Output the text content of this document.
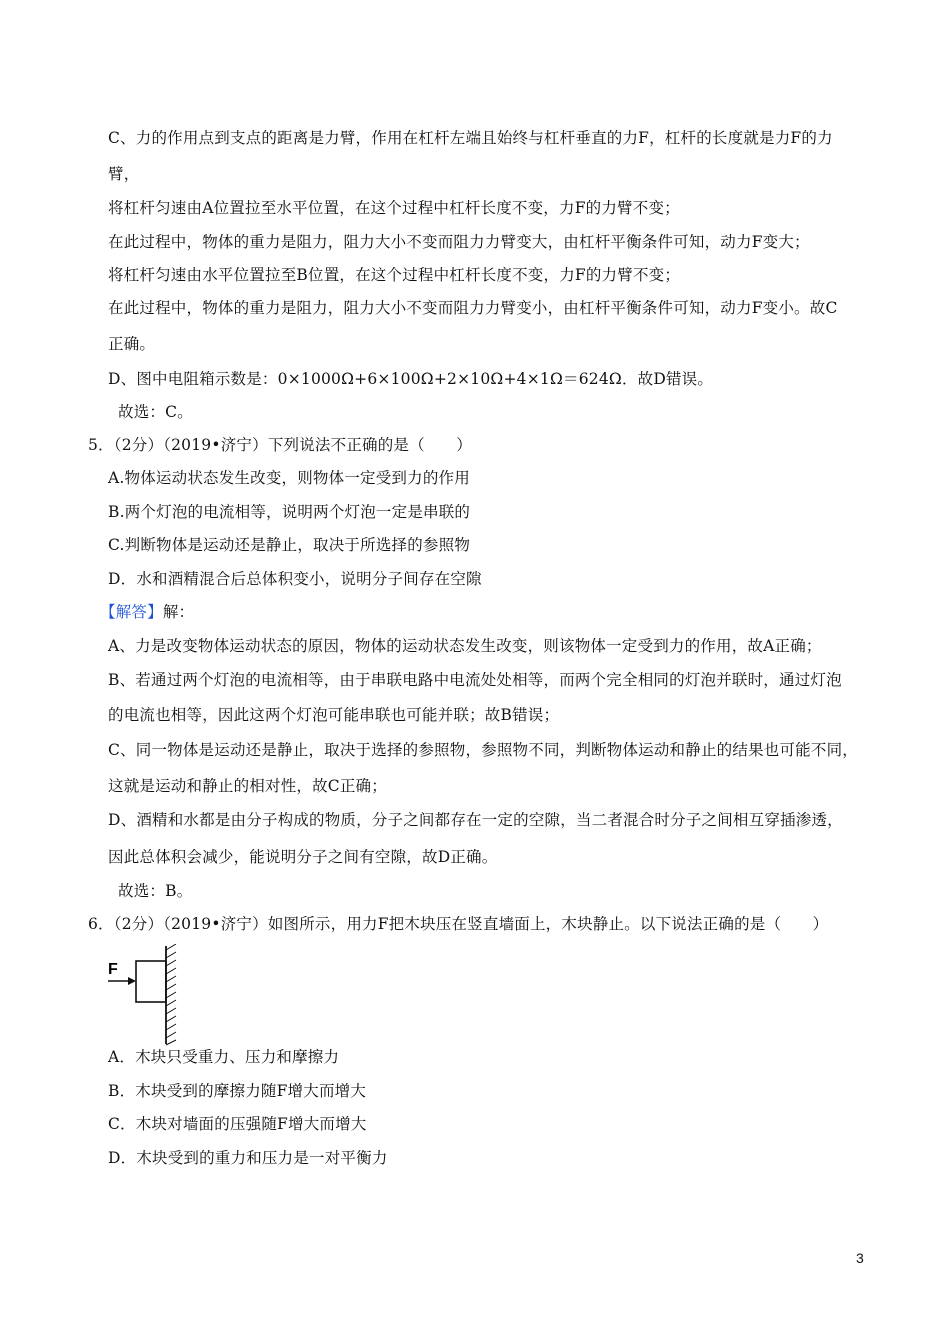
C、力的作用点到支点的距离是力臂，作用在杠杆左端且始终与杠杆垂直的力F，杠杆的长度就是力F的力
臂，
将杠杆匀速由A位置拉至水平位置，在这个过程中杠杆长度不变，力F的力臂不变；
在此过程中，物体的重力是阻力，阻力大小不变而阻力力臂变大，由杠杆平衡条件可知，动力F变大；
将杠杆匀速由水平位置拉至B位置，在这个过程中杠杆长度不变，力F的力臂不变；
在此过程中，物体的重力是阻力，阻力大小不变而阻力力臂变小，由杠杆平衡条件可知，动力F变小。故C
正确。
D、图中电阻箱示数是：0×1000Ω+6×100Ω+2×10Ω+4×1Ω＝624Ω．故D错误。
故选：C。
5．（2分）（2019•济宁）下列说法不正确的是（　　）
A.物体运动状态发生改变，则物体一定受到力的作用
B.两个灯泡的电流相等，说明两个灯泡一定是串联的
C.判断物体是运动还是静止，取决于所选择的参照物
D．水和酒精混合后总体积变小，说明分子间存在空隙
【解答】解：
A、力是改变物体运动状态的原因，物体的运动状态发生改变，则该物体一定受到力的作用，故A正确；
B、若通过两个灯泡的电流相等，由于串联电路中电流处处相等，而两个完全相同的灯泡并联时，通过灯泡
的电流也相等，因此这两个灯泡可能串联也可能并联；故B错误；
C、同一物体是运动还是静止，取决于选择的参照物，参照物不同，判断物体运动和静止的结果也可能不同，
这就是运动和静止的相对性，故C正确；
D、酒精和水都是由分子构成的物质，分子之间都存在一定的空隙，当二者混合时分子之间相互穿插渗透，
因此总体积会减少，能说明分子之间有空隙，故D正确。
故选：B。
6．（2分）（2019•济宁）如图所示，用力F把木块压在竖直墙面上，木块静止。以下说法正确的是（　　）
F
A．木块只受重力、压力和摩擦力
B．木块受到的摩擦力随F增大而增大
C．木块对墙面的压强随F增大而增大
D．木块受到的重力和压力是一对平衡力
3
